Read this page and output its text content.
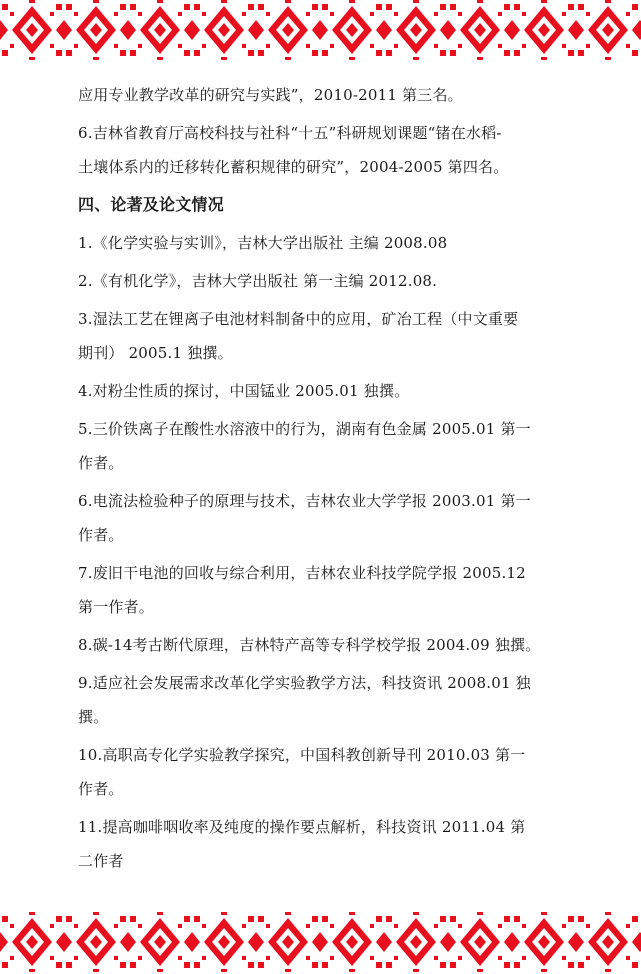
应用专业教学改革的研究与实践”，2010-2011 第三名。
6.吉林省教育厅高校科技与社科“十五”科研规划课题“锗在水稻-
土壤体系内的迁移转化蓄积规律的研究”，2004-2005 第四名。
四、论著及论文情况
1.《化学实验与实训》，吉林大学出版社 主编 2008.08
2.《有机化学》，吉林大学出版社 第一主编 2012.08.
3.湿法工艺在锂离子电池材料制备中的应用，矿冶工程（中文重要
期刊） 2005.1 独撰。
4.对粉尘性质的探讨，中国锰业 2005.01 独撰。
5.三价铁离子在酸性水溶液中的行为，湖南有色金属 2005.01 第一
作者。
6.电流法检验种子的原理与技术，吉林农业大学学报 2003.01 第一
作者。
7.废旧干电池的回收与综合利用，吉林农业科技学院学报 2005.12
第一作者。
8.碳-14考古断代原理，吉林特产高等专科学校学报 2004.09 独撰。
9.适应社会发展需求改革化学实验教学方法，科技资讯 2008.01 独
撰。
10.高职高专化学实验教学探究，中国科教创新导刊 2010.03 第一
作者。
11.提高咖啡咽收率及纯度的操作要点解析，科技资讯 2011.04 第
二作者
